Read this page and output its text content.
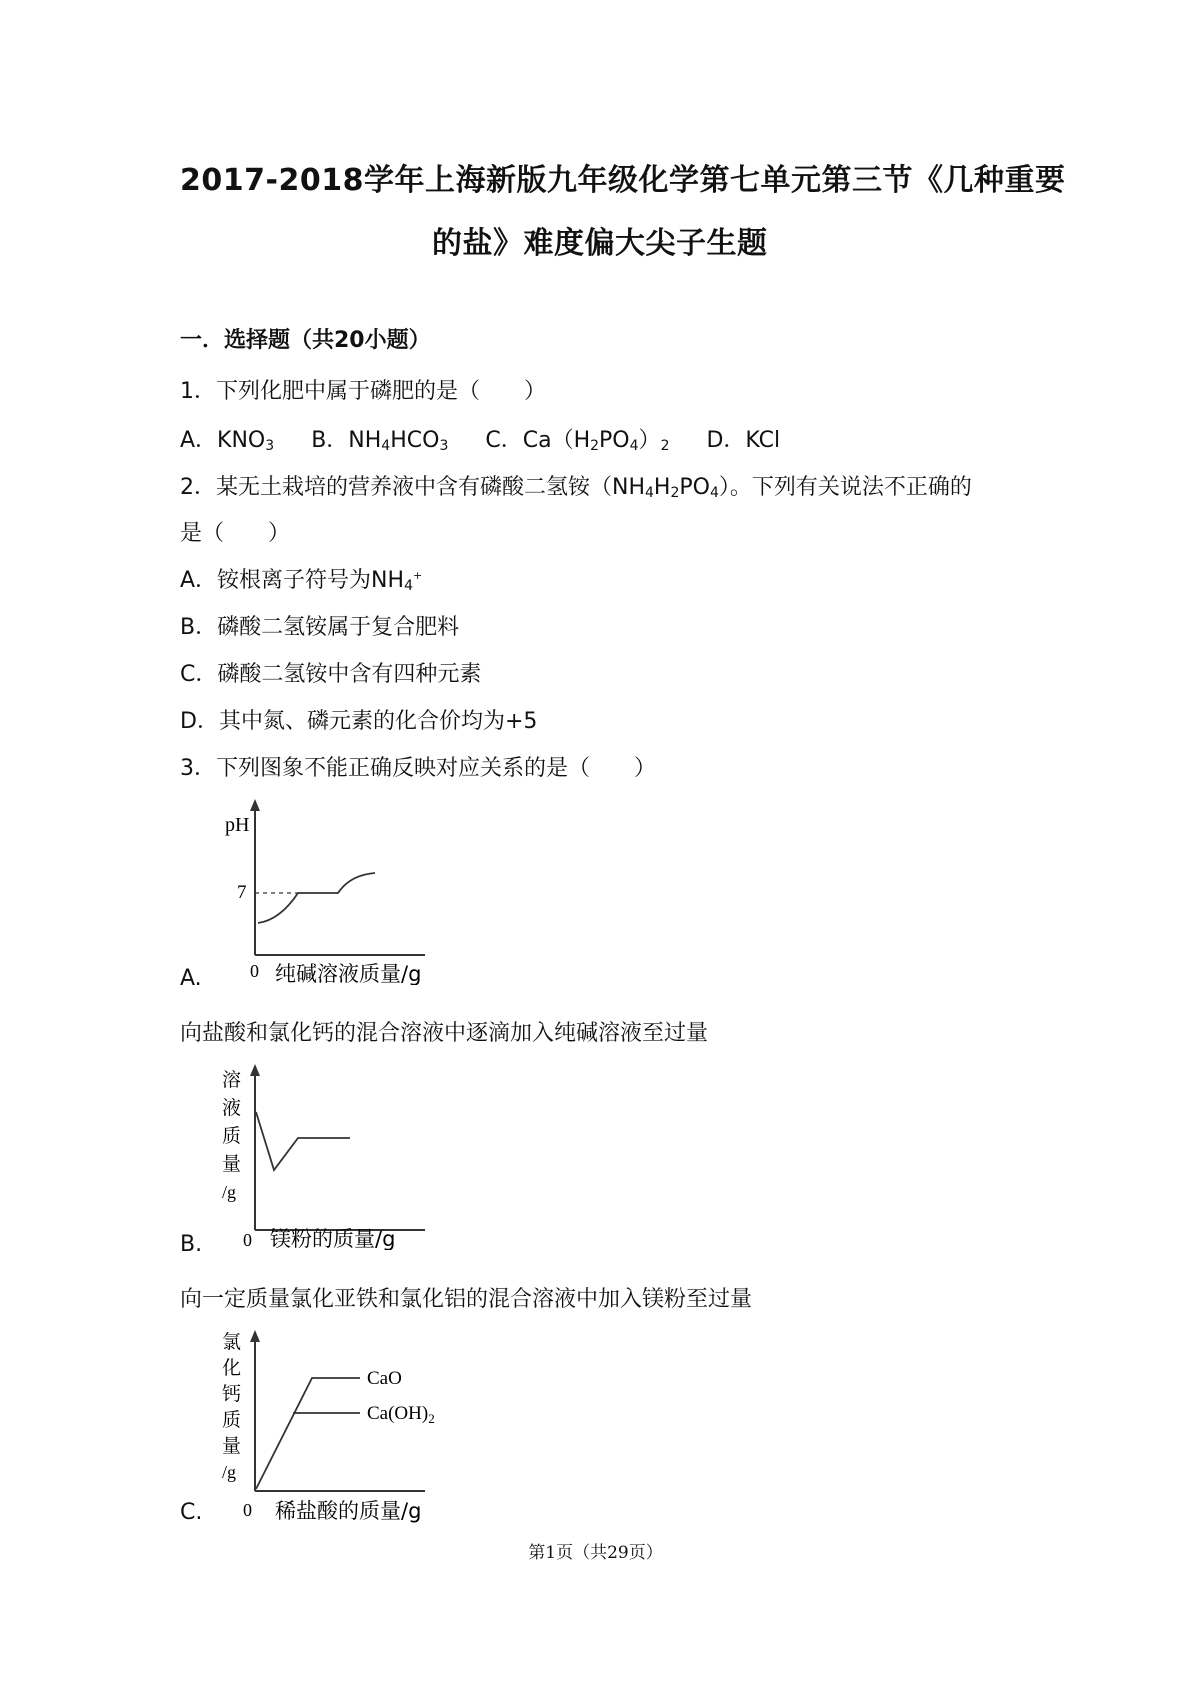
2017-2018学年上海新版九年级化学第七单元第三节《几种重要
的盐》难度偏大尖子生题
一．选择题（共20小题）
1．下列化肥中属于磷肥的是（　　）
A．$KNO_3$ B．$NH_4HCO_3$ C．$Ca(H_2PO_4)_2$ D．KCl
2．某无土栽培的营养液中含有磷酸二氢铵$(NH_4H_2PO_4)$。下列有关说法不正确的
是（　　）
A．铵根离子符号为$NH_4^+$
B．磷酸二氢铵属于复合肥料
C．磷酸二氢铵中含有四种元素
D．其中氮、磷元素的化合价均为+5
3．下列图象不能正确反映对应关系的是（　　）
pH
7
0 纯碱溶液质量/g
A.
向盐酸和氯化钙的混合溶液中逐滴加入纯碱溶液至过量
溶
液
质
量
/g
0 镁粉的质量/g
B.
向一定质量氯化亚铁和氯化铝的混合溶液中加入镁粉至过量
氯
化
钙
质
量
/g
CaO
$Ca(OH)_2$
0 稀盐酸的质量/g
C.
第1页（共29页）
